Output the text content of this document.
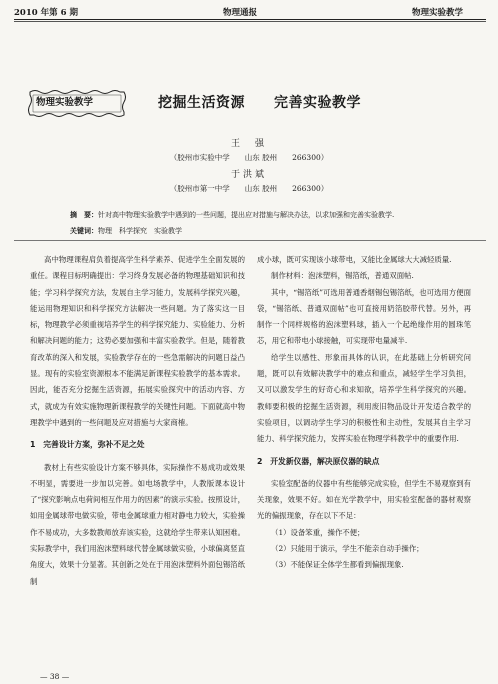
2010 年第 6 期	物理通报	物理实验教学
物理实验教学	挖掘生活资源　　完善实验教学
王　强
（胶州市实验中学　　山东 胶州　　266300）
于洪斌
（胶州市第一中学　　山东 胶州　　266300）
摘　要：针对高中物理实验教学中遇到的一些问题，提出应对措施与解决办法，以求加强和完善实验教学.
关键词：物理　科学探究　实验教学

高中物理课程肩负着提高学生科学素养、促进学生全面发展的重任。课程目标明确提出：学习终身发展必备的物理基础知识和技能；学习科学探究方法，发展自主学习能力，发展科学探究兴趣，能运用物理知识和科学探究方法解决一些问题。为了落实这一目标，物理教学必须重视培养学生的科学探究能力、实验能力、分析和解决问题的能力；这势必要加强和丰富实验教学。但是，随着教育改革的深入和发展，实验教学存在的一些急需解决的问题日益凸显。现有的实验室资源根本不能满足新课程实验教学的基本需求。因此，能否充分挖掘生活资源，拓展实验探究中的活动内容、方式，就成为有效实施物理新课程教学的关键性问题。下面就高中物理教学中遇到的一些问题及应对措施与大家商榷。

1　完善设计方案，弥补不足之处

教材上有些实验设计方案不够具体，实际操作不易成功或效果不明显，需要进一步加以完善。如电场教学中，人教版课本设计了“探究影响点电荷间相互作用力的因素”的演示实验。按照设计，如用金属球带电做实验，带电金属球重力相对静电力较大，实验操作不易成功，大多数教师放弃该实验，这就给学生带来认知困难。实际教学中，我们用泡沫塑料球代替金属球做实验，小球偏离竖直角度大，效果十分显著。其创新之处在于用泡沫塑料外面包锡箔纸制

成小球，既可实现该小球带电，又能比金属球大大减轻质量.

制作材料：泡沫塑料，锡箔纸，普通双面帖.

其中，“锡箔纸”可选用普通香烟锡包锡箔纸，也可选用方便面袋，“锡箔纸、普通双面帖”也可直接用奶箔胶带代替。另外，再制作一个同样规格的泡沫塑料球，插入一个起绝缘作用的圆珠笔芯，用它和带电小球接触，可实现带电量减半.

给学生以感性、形象而具体的认识，在此基础上分析研究问题，既可以有效解决教学中的难点和重点，减轻学生学习负担，又可以激发学生的好奇心和求知欲，培养学生科学探究的兴趣。教师要积极的挖掘生活资源，利用废旧物品设计开发适合教学的实验项目，以调动学生学习的积极性和主动性，发展其自主学习能力、科学探究能力，发挥实验在物理学科教学中的重要作用.

2　开发新仪器，解决原仪器的缺点

实验室配备的仪器中有些能够完成实验，但学生不易观察到有关现象，效果不好。如在光学教学中，用实验室配备的器材观察光的偏振现象，存在以下不足：

（1）设备笨重，操作不便；

（2）只能用于演示，学生不能亲自动手操作；

（3）不能保证全体学生都看到偏振现象.

— 38 —
